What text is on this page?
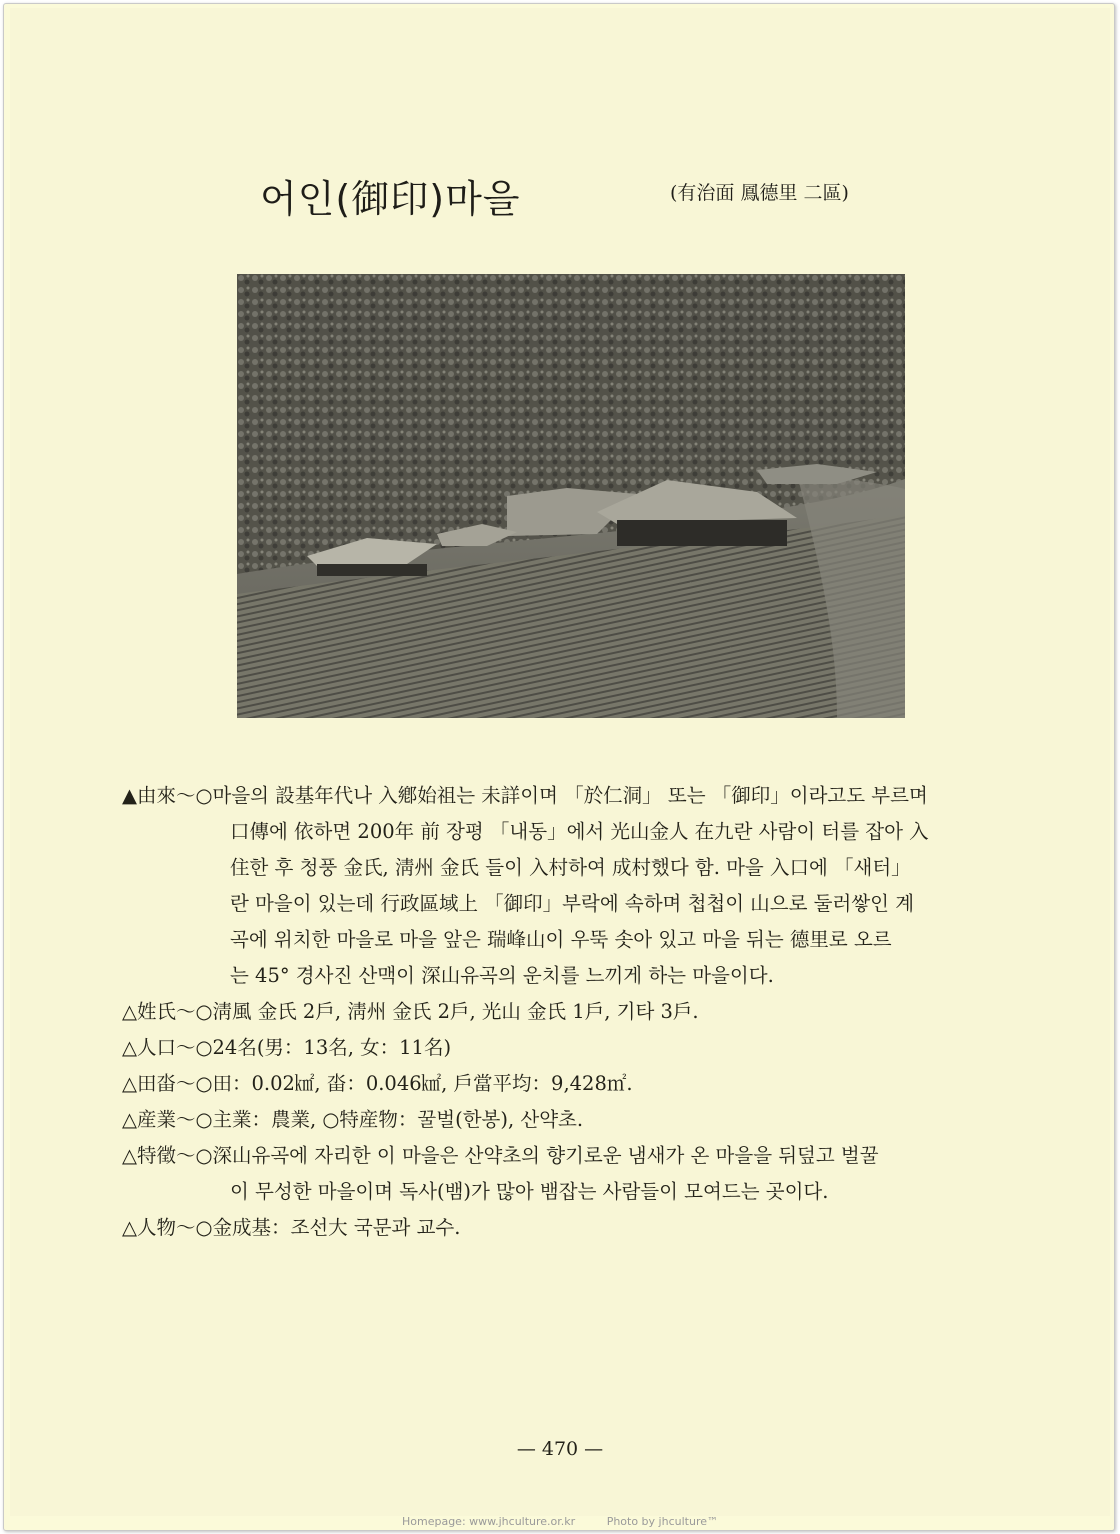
어인(御印)마을	(有治面 鳳德里 二區)
▲由來～○마을의 設基年代나 入鄕始祖는 未詳이며 「於仁洞」 또는 「御印」이라고도 부르며
口傳에 依하면 200年 前 장평 「내동」에서 光山金人 在九란 사람이 터를 잡아 入
住한 후 청풍 金氏, 淸州 金氏 들이 入村하여 成村했다 함. 마을 入口에 「새터」
란 마을이 있는데 行政區域上 「御印」부락에 속하며 첩첩이 山으로 둘러쌓인 계
곡에 위치한 마을로 마을 앞은 瑞峰山이 우뚝 솟아 있고 마을 뒤는 德里로 오르
는 45° 경사진 산맥이 深山유곡의 운치를 느끼게 하는 마을이다.
△姓氏～○淸風 金氏 2戶, 淸州 金氏 2戶, 光山 金氏 1戶, 기타 3戶.
△人口～○24名(男：13名, 女：11名)
△田畓～○田：0.02㎢, 畓：0.046㎢, 戶當平均：9,428㎡.
△産業～○主業：農業, ○特産物：꿀벌(한봉), 산약초.
△特徵～○深山유곡에 자리한 이 마을은 산약초의 향기로운 냄새가 온 마을을 뒤덮고 벌꿀
이 무성한 마을이며 독사(뱀)가 많아 뱀잡는 사람들이 모여드는 곳이다.
△人物～○金成基：조선大 국문과 교수.
— 470 —
Homepage: www.jhculture.or.kr	Photo by jhculture™
